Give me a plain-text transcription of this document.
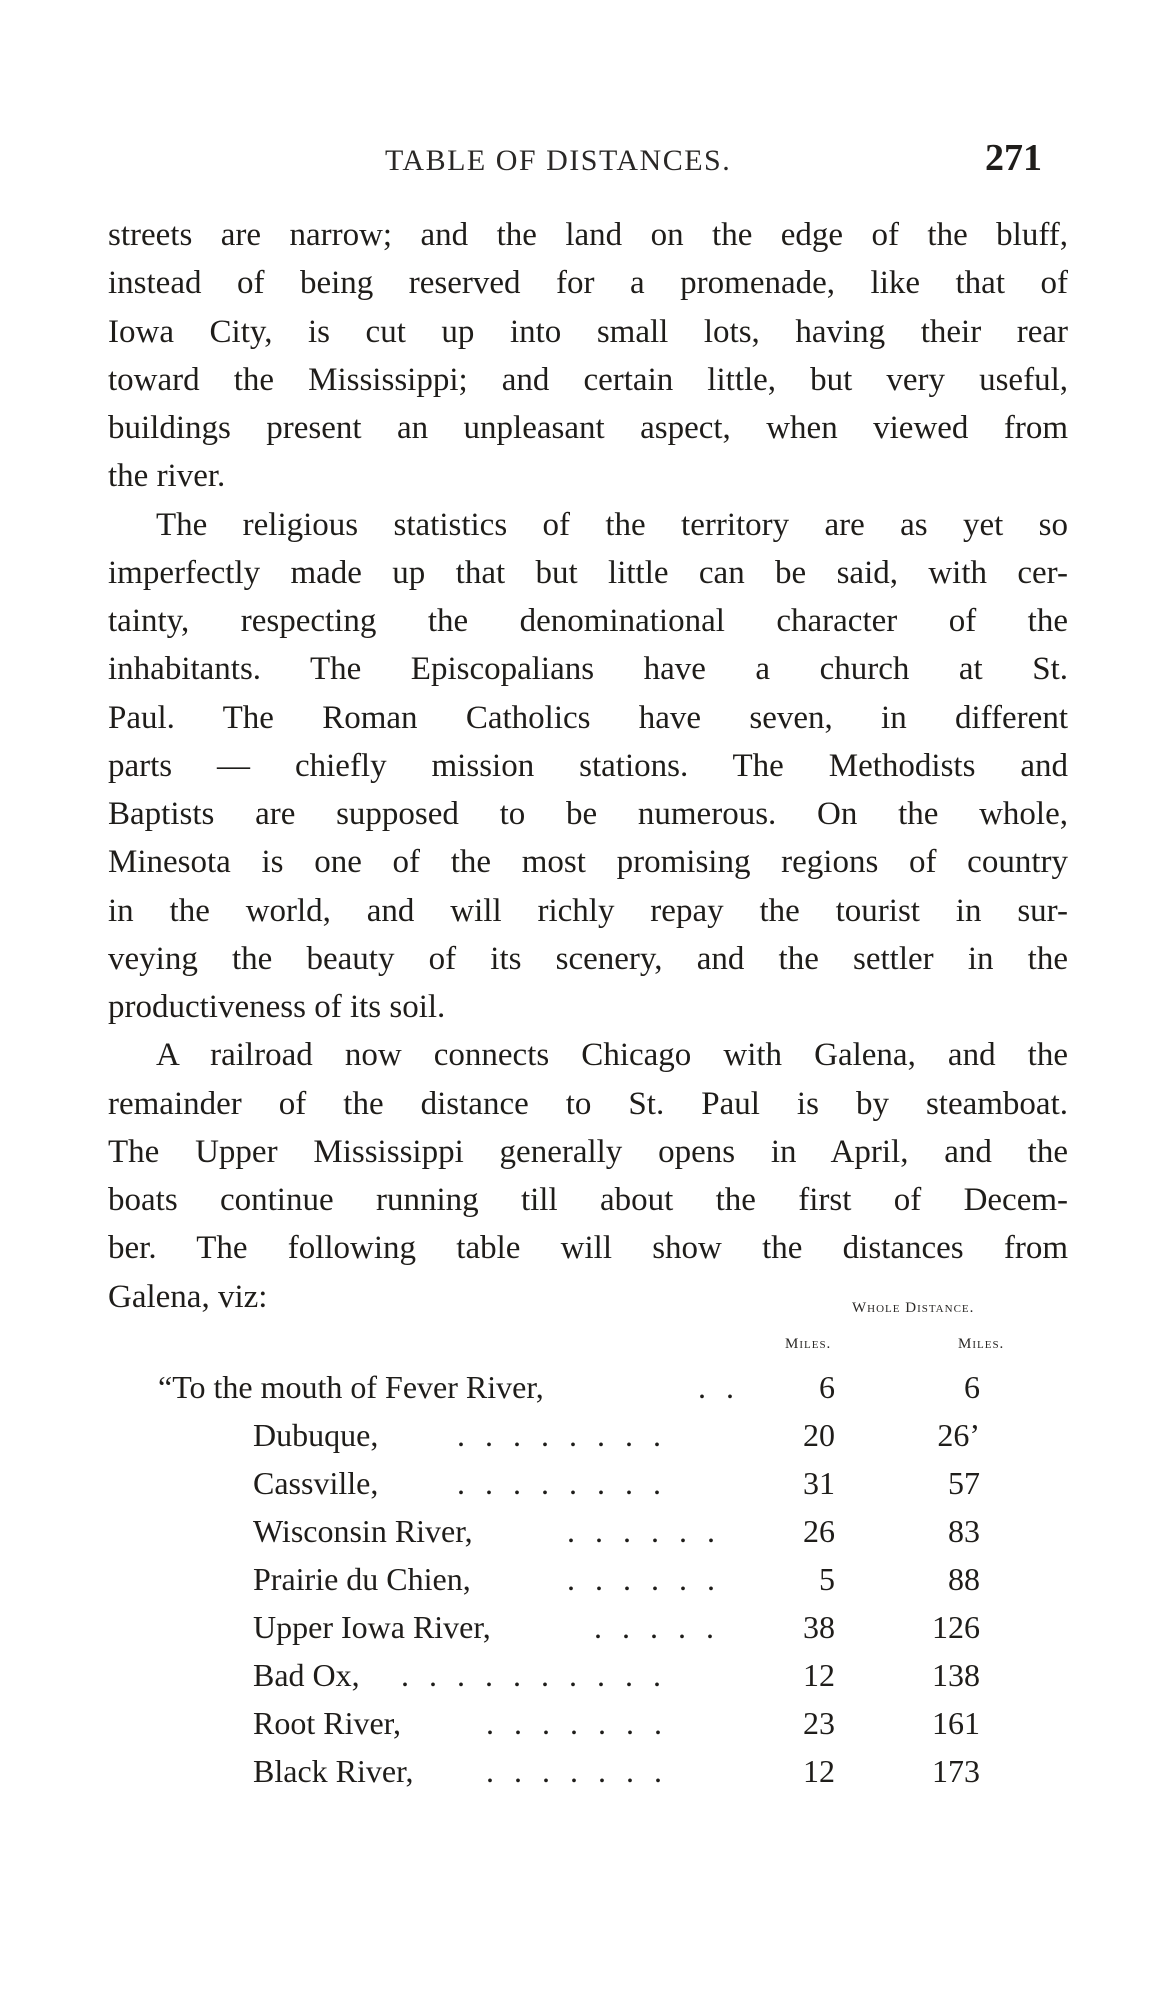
TABLE OF DISTANCES.	271
streets are narrow; and the land on the edge of the bluff,
instead of being reserved for a promenade, like that of
Iowa City, is cut up into small lots, having their rear
toward the Mississippi; and certain little, but very useful,
buildings present an unpleasant aspect, when viewed from
the river.
The religious statistics of the territory are as yet so
imperfectly made up that but little can be said, with cer-
tainty, respecting the denominational character of the
inhabitants. The Episcopalians have a church at St.
Paul. The Roman Catholics have seven, in different
parts — chiefly mission stations. The Methodists and
Baptists are supposed to be numerous. On the whole,
Minesota is one of the most promising regions of country
in the world, and will richly repay the tourist in sur-
veying the beauty of its scenery, and the settler in the
productiveness of its soil.
A railroad now connects Chicago with Galena, and the
remainder of the distance to St. Paul is by steamboat.
The Upper Mississippi generally opens in April, and the
boats continue running till about the first of Decem-
ber. The following table will show the distances from
Galena, viz:	Whole Distance.
Miles.	Miles.
“To the mouth of Fever River,	. .	6	6
Dubuque, . . . . . . . .	20	26’
Cassville, . . . . . . . .	31	57
Wisconsin River,	. . . . . .	26	83
Prairie du Chien,	. . . . . .	5	88
Upper Iowa River,	. . . . .	38	126
Bad Ox, . . . . . . . . . .	12	138
Root River,	. . . . . . .	23	161
Black River, . . . . . . .	12	173
